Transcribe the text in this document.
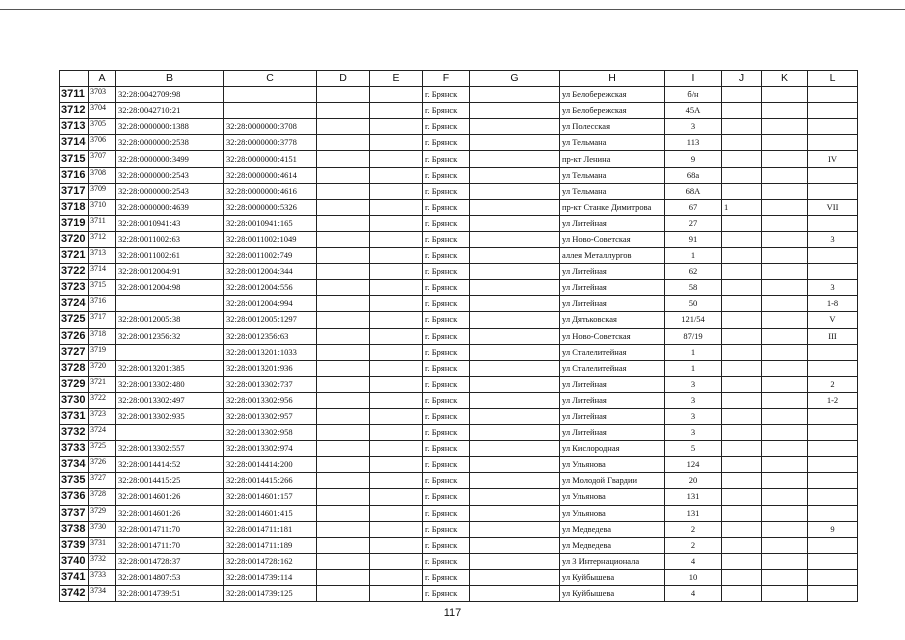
	A	B	C	D	E	F	G	H	I	J	K	L
3711	3703	32:28:0042709:98				г. Брянск		ул Белобережская	б/н			
3712	3704	32:28:0042710:21				г. Брянск		ул Белобережская	45А			
3713	3705	32:28:0000000:1388	32:28:0000000:3708			г. Брянск		ул Полесская	3			
3714	3706	32:28:0000000:2538	32:28:0000000:3778			г. Брянск		ул Тельмана	113			
3715	3707	32:28:0000000:3499	32:28:0000000:4151			г. Брянск		пр-кт Ленина	9			IV
3716	3708	32:28:0000000:2543	32:28:0000000:4614			г. Брянск		ул Тельмана	68а			
3717	3709	32:28:0000000:2543	32:28:0000000:4616			г. Брянск		ул Тельмана	68А			
3718	3710	32:28:0000000:4639	32:28:0000000:5326			г. Брянск		пр-кт Станке Димитрова	67	1		VII
3719	3711	32:28:0010941:43	32:28:0010941:165			г. Брянск		ул Литейная	27			
3720	3712	32:28:0011002:63	32:28:0011002:1049			г. Брянск		ул Ново-Советская	91			3
3721	3713	32:28:0011002:61	32:28:0011002:749			г. Брянск		аллея Металлургов	1			
3722	3714	32:28:0012004:91	32:28:0012004:344			г. Брянск		ул Литейная	62			
3723	3715	32:28:0012004:98	32:28:0012004:556			г. Брянск		ул Литейная	58			3
3724	3716		32:28:0012004:994			г. Брянск		ул Литейная	50			1-8
3725	3717	32:28:0012005:38	32:28:0012005:1297			г. Брянск		ул Дятьковская	121/54			V
3726	3718	32:28:0012356:32	32:28:0012356:63			г. Брянск		ул Ново-Советская	87/19			III
3727	3719		32:28:0013201:1033			г. Брянск		ул Сталелитейная	1			
3728	3720	32:28:0013201:385	32:28:0013201:936			г. Брянск		ул Сталелитейная	1			
3729	3721	32:28:0013302:480	32:28:0013302:737			г. Брянск		ул Литейная	3			2
3730	3722	32:28:0013302:497	32:28:0013302:956			г. Брянск		ул Литейная	3			1-2
3731	3723	32:28:0013302:935	32:28:0013302:957			г. Брянск		ул Литейная	3			
3732	3724		32:28:0013302:958			г. Брянск		ул Литейная	3			
3733	3725	32:28:0013302:557	32:28:0013302:974			г. Брянск		ул Кислородная	5			
3734	3726	32:28:0014414:52	32:28:0014414:200			г. Брянск		ул Ульянова	124			
3735	3727	32:28:0014415:25	32:28:0014415:266			г. Брянск		ул Молодой Гвардии	20			
3736	3728	32:28:0014601:26	32:28:0014601:157			г. Брянск		ул Ульянова	131			
3737	3729	32:28:0014601:26	32:28:0014601:415			г. Брянск		ул Ульянова	131			
3738	3730	32:28:0014711:70	32:28:0014711:181			г. Брянск		ул Медведева	2			9
3739	3731	32:28:0014711:70	32:28:0014711:189			г. Брянск		ул Медведева	2			
3740	3732	32:28:0014728:37	32:28:0014728:162			г. Брянск		ул 3 Интернационала	4			
3741	3733	32:28:0014807:53	32:28:0014739:114			г. Брянск		ул Куйбышева	10			
3742	3734	32:28:0014739:51	32:28:0014739:125			г. Брянск		ул Куйбышева	4			
117
